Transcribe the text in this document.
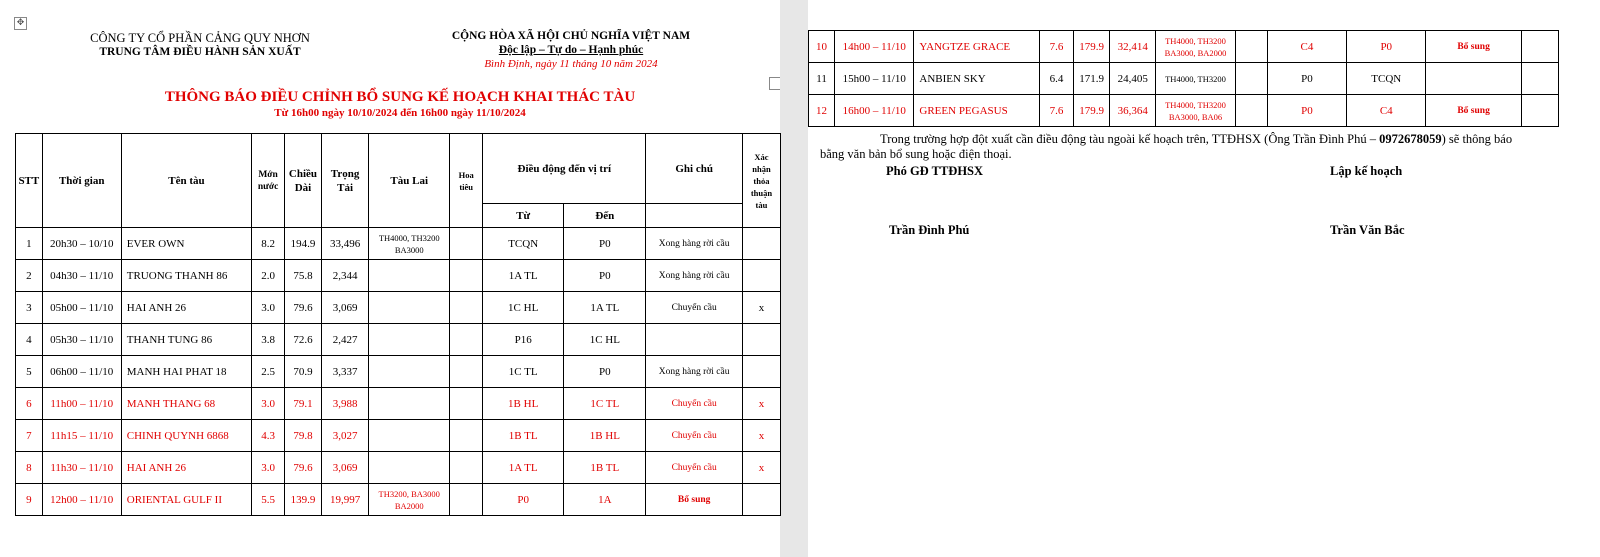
✥
CÔNG TY CỔ PHẦN CẢNG QUY NHƠN
TRUNG TÂM ĐIỀU HÀNH SẢN XUẤT
CỘNG HÒA XÃ HỘI CHỦ NGHĨA VIỆT NAM
Độc lập – Tự do – Hạnh phúc
Bình Định, ngày 11 tháng 10 năm 2024
THÔNG BÁO ĐIỀU CHỈNH BỔ SUNG KẾ HOẠCH KHAI THÁC TÀU
Từ 16h00 ngày 10/10/2024 đến 16h00 ngày 11/10/2024
STT	Thời gian	Tên tàu	Mớn nước	Chiều Dài	Trọng Tải	Tàu Lai	Hoa tiêu	Điều động đến vị trí		Ghi chú	Xác nhận thỏa thuận tàu
								Từ	Đến		
1	20h30 – 10/10	EVER OWN	8.2	194.9	33,496	TH4000, TH3200 BA3000		TCQN	P0	Xong hàng rời cầu	
2	04h30 – 11/10	TRUONG THANH 86	2.0	75.8	2,344			1A TL	P0	Xong hàng rời cầu	
3	05h00 – 11/10	HAI ANH 26	3.0	79.6	3,069			1C HL	1A TL	Chuyển cầu	x
4	05h30 – 11/10	THANH TUNG 86	3.8	72.6	2,427			P16	1C HL		
5	06h00 – 11/10	MANH HAI PHAT 18	2.5	70.9	3,337			1C TL	P0	Xong hàng rời cầu	
6	11h00 – 11/10	MANH THANG 68	3.0	79.1	3,988			1B HL	1C TL	Chuyển cầu	x
7	11h15 – 11/10	CHINH QUYNH 6868	4.3	79.8	3,027			1B TL	1B HL	Chuyển cầu	x
8	11h30 – 11/10	HAI ANH 26	3.0	79.6	3,069			1A TL	1B TL	Chuyển cầu	x
9	12h00 – 11/10	ORIENTAL GULF II	5.5	139.9	19,997	TH3200, BA3000 BA2000		P0	1A	Bổ sung	
10	14h00 – 11/10	YANGTZE GRACE	7.6	179.9	32,414	TH4000, TH3200 BA3000, BA2000		C4	P0	Bổ sung	
11	15h00 – 11/10	ANBIEN SKY	6.4	171.9	24,405	TH4000, TH3200		P0	TCQN		
12	16h00 – 11/10	GREEN PEGASUS	7.6	179.9	36,364	TH4000, TH3200 BA3000, BA06		P0	C4	Bổ sung	
Trong trường hợp đột xuất cần điều động tàu ngoài kế hoạch trên, TTĐHSX (Ông Trần Đình Phú – 0972678059) sẽ thông báo bằng văn bản bổ sung hoặc điện thoại.
Phó GĐ TTĐHSX	Lập kế hoạch
Trần Đình Phú	Trần Văn Bắc
